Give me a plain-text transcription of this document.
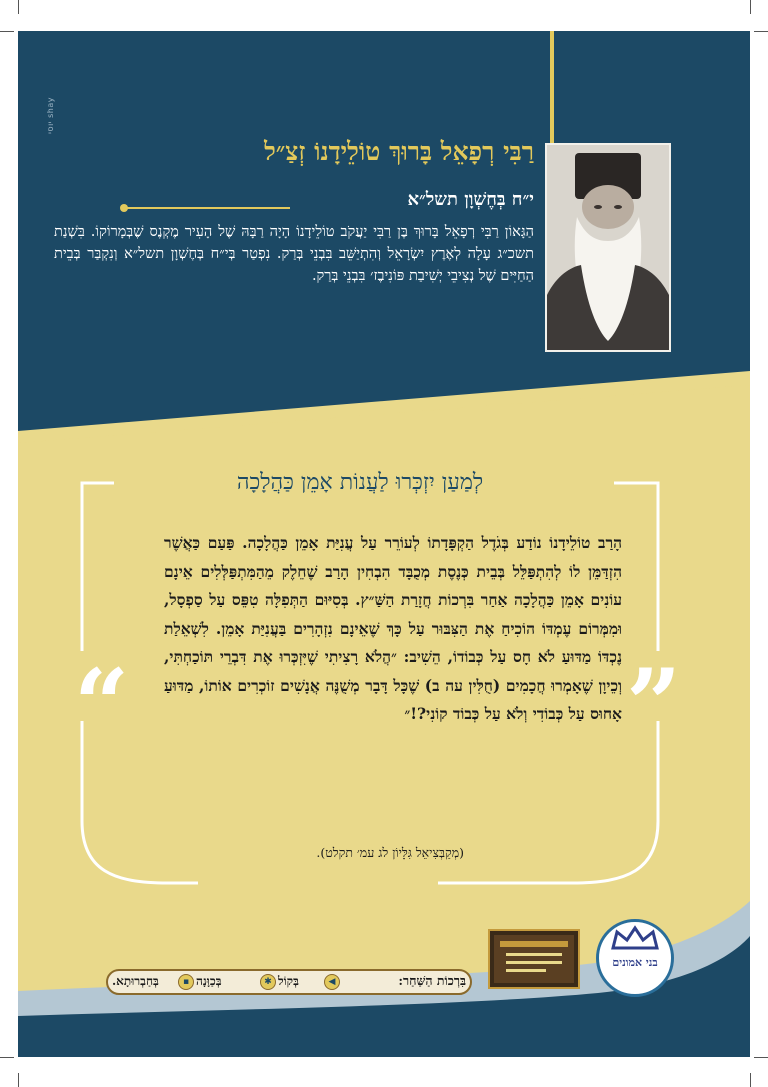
יוסי shay
רַבִּי רְפָאֵל בָּרוּךְ טוֹלֵידָנוֹ זְצַ״ל
י״ח בְּחֶשְׁוָן תשל״א
הַגָּאוֹן רַבִּי רְפָאֵל בָּרוּךְ בֶּן רַבִּי יַעֲקֹב טוֹלֵידָנוֹ הָיָה רַבָּהּ שֶׁל הָעִיר מֶקְנֶס שֶׁבְּמָרוֹקוֹ. בִּשְׁנַת תשכ״ג עָלָה לְאֶרֶץ יִשְׂרָאֵל וְהִתְיַשֵּׁב בִּבְנֵי בְּרַק. נִפְטַר בְּי״ח בְּחֶשְׁוָן תשל״א וְנִקְבַּר בְּבֵית הַחַיִּים שֶׁל נְצִיבֵי יְשִׁיבַת פּוֹנִיבֶז׳ בִּבְנֵי בְּרַק.
לְמַעַן יִזְכְּרוּ לַעֲנוֹת אָמֵן כַּהֲלָכָה
“	”
הָרַב טוֹלֵידָנוֹ נוֹדַע בְּגֹדֶל הַקְפָּדָתוֹ לְעוֹרֵר עַל עֲנִיַּת אָמֵן כַּהֲלָכָה. פַּעַם כַּאֲשֶׁר הִזְדַּמֵּן לוֹ לְהִתְפַּלֵּל בְּבֵית כְּנֶסֶת מְכֻבָּד הִבְחִין הָרַב שֶׁחֵלֶק מֵהַמִּתְפַּלְּלִים אֵינָם עוֹנִים אָמֵן כַּהֲלָכָה אַחַר בִּרְכוֹת חֲזָרַת הַשַּׁ״ץ. בְּסִיּוּם הַתְּפִלָּה טִפֵּס עַל סַפְסָל, וּמִמְּרוֹם עֶמְדּוֹ הוֹכִיחַ אֶת הַצִּבּוּר עַל כָּךְ שֶׁאֵינָם נִזְהָרִים בַּעֲנִיַּת אָמֵן. לִשְׁאֵלַת נֶכְדּוֹ מַדּוּעַ לֹא חָס עַל כְּבוֹדוֹ, הֵשִׁיב: ״הֲלֹא רָצִיתִי שֶׁיִּזְכְּרוּ אֶת דִּבְרֵי תּוֹכַחְתִּי, וְכֵיוָן שֶׁאָמְרוּ חֲכָמִים (חֻלִּין עה ב) שֶׁכָּל דָּבָר מְשֻׁנֶּה אֲנָשִׁים זוֹכְרִים אוֹתוֹ, מַדּוּעַ אָחוּס עַל כְּבוֹדִי וְלֹא עַל כְּבוֹד קוֹנִי?!״
(מְקַבְּצִיאֵל גִּלָּיוֹן לג עמ׳ תקלט).
בני אמונים
בִּרְכוֹת הַשַּׁחַר:
◀
בְּקוֹל
✱
בְּכַוָּנָה
▪
בְּחַבְרוּתָא.
